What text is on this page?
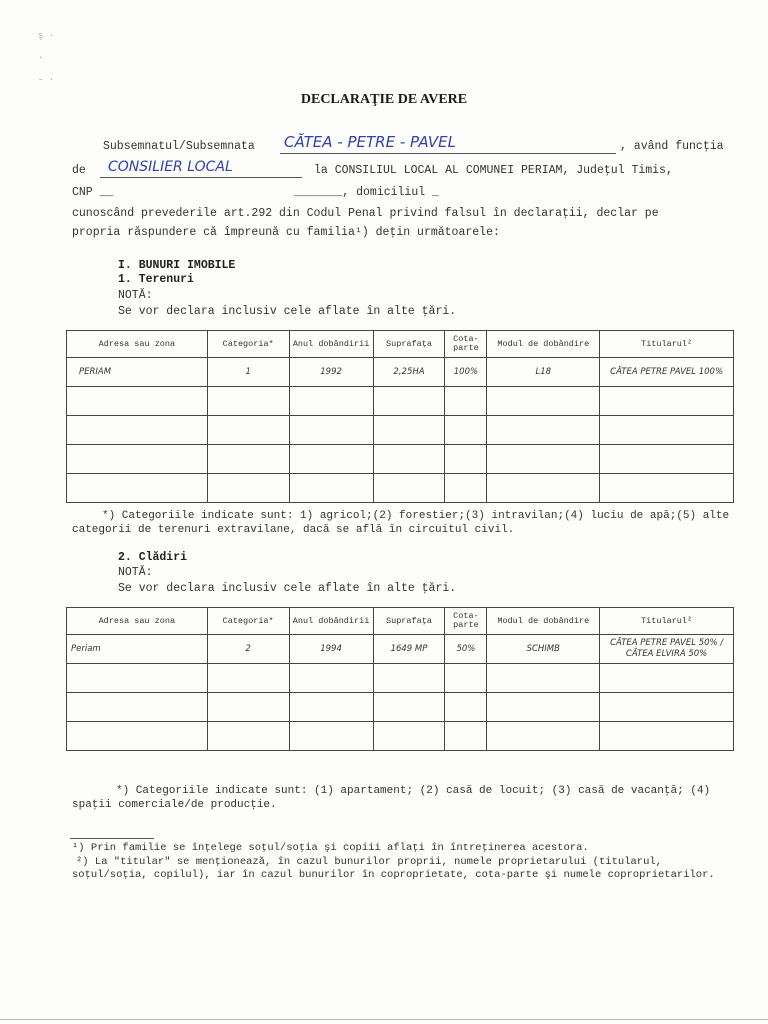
ş ·
·
- ·
DECLARAŢIE DE AVERE
Subsemnatul/Subsemnata CĂTEA - PETRE - PAVEL	, având funcţia
de CONSILIER LOCAL	la CONSILIUL LOCAL AL COMUNEI PERIAM, Judeţul Timis,
CNP __	_______, domiciliul _
cunoscând prevederile art.292 din Codul Penal privind falsul în declaraţii, declar pe
propria răspundere că împreună cu familia¹) deţin următoarele:
I. BUNURI IMOBILE
1. Terenuri
NOTĂ:
Se vor declara inclusiv cele aflate în alte ţări.
Adresa sau zona	Categoria*	Anul dobândirii	Suprafaţa	Cota-parte	Modul de dobândire	Titularul²
PERIAM	1	1992	2,25HA	100%	L18	CĂTEA PETRE PAVEL 100%

*) Categoriile indicate sunt: 1) agricol;(2) forestier;(3) intravilan;(4) luciu de apă;(5) alte categorii de terenuri extravilane, dacă se află în circuitul civil.
2. Clădiri
NOTĂ:
Se vor declara inclusiv cele aflate în alte ţări.
Adresa sau zona	Categoria*	Anul dobândirii	Suprafaţa	Cota-parte	Modul de dobândire	Titularul²
Periam	2	1994	1649 MP	50%	SCHIMB	CĂTEA PETRE PAVEL 50% / CĂTEA ELVIRA 50%

*) Categoriile indicate sunt: (1) apartament; (2) casă de locuit; (3) casă de vacanţă; (4) spaţii comerciale/de producţie.
¹) Prin familie se înţelege soţul/soţia şi copiii aflaţi în întreţinerea acestora.
²) La "titular" se menţionează, în cazul bunurilor proprii, numele proprietarului (titularul, soţul/soţia, copilul), iar în cazul bunurilor în coproprietate, cota-parte şi numele coproprietarilor.
